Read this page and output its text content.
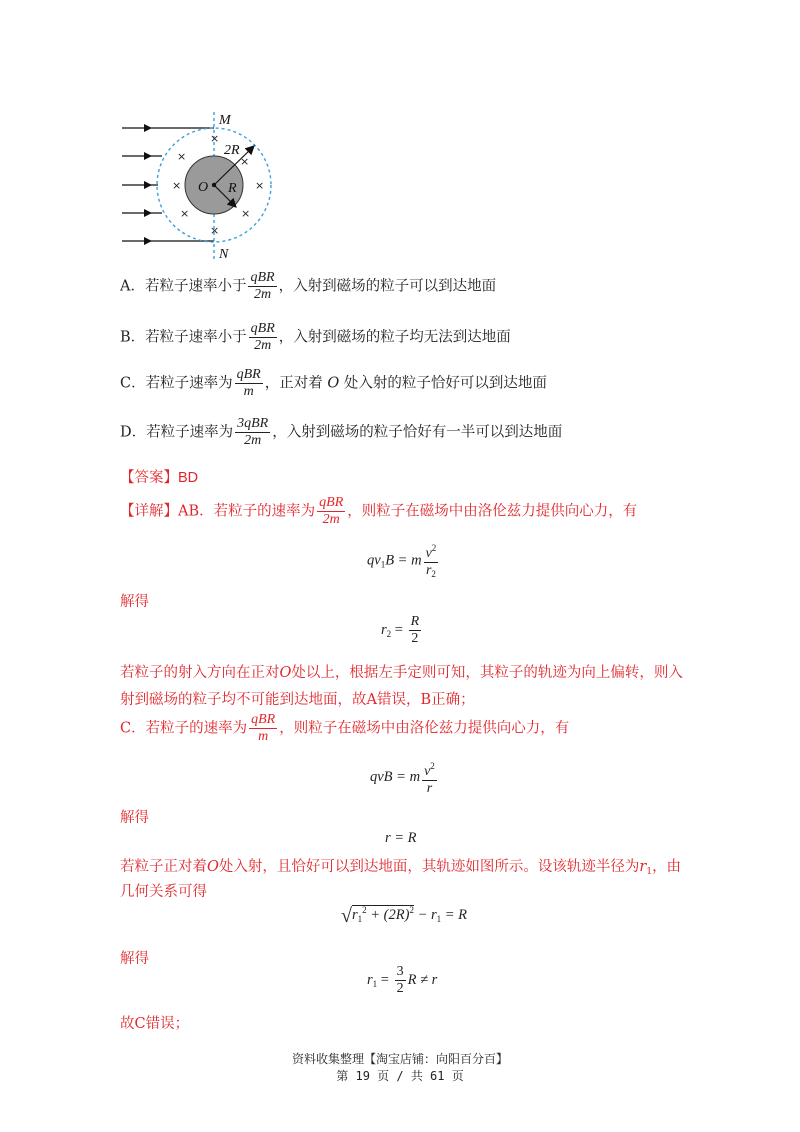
×
×
×
×
×
×
×
×
M
N
O R
2R
A．若粒子速率小于 $\frac{\text{qBR}}{2m}$ ，入射到磁场的粒子可以到达地面
B．若粒子速率小于 $\frac{\text{qBR}}{2m}$ ，入射到磁场的粒子均无法到达地面
C．若粒子速率为 $\frac{\text{qBR}}{m}$ ，正对着 O 处入射的粒子恰好可以到达地面
D．若粒子速率为 $\frac{\text{3qBR}}{2m}$ ，入射到磁场的粒子恰好有一半可以到达地面
【答案】BD
【详解】AB．若粒子的速率为 $\frac{\text{qBR}}{2m}$ ，则粒子在磁场中由洛伦兹力提供向心力，有
$qv_1B = m \frac{v^2}{r_2}$
解得
$r_2 = \frac{R}{2}$
若粒子的射入方向在正对O处以上，根据左手定则可知，其粒子的轨迹为向上偏转，则入
射到磁场的粒子均不可能到达地面，故A错误，B正确；
C．若粒子的速率为 $\frac{\text{qBR}}{m}$ ，则粒子在磁场中由洛伦兹力提供向心力，有
qvB = m $\frac{v^2}{r}$
解得
r = R
若粒子正对着O处入射，且恰好可以到达地面，其轨迹如图所示。设该轨迹半径为$r_1$，由
几何关系可得
$√r_1^2 + (2R)^2 - r_1 = R$
解得
$r_1 = \frac{3}{2}$ R ≠ r
故C错误；
资料收集整理【淘宝店铺：向阳百分百】
第 19 页 / 共 61 页
